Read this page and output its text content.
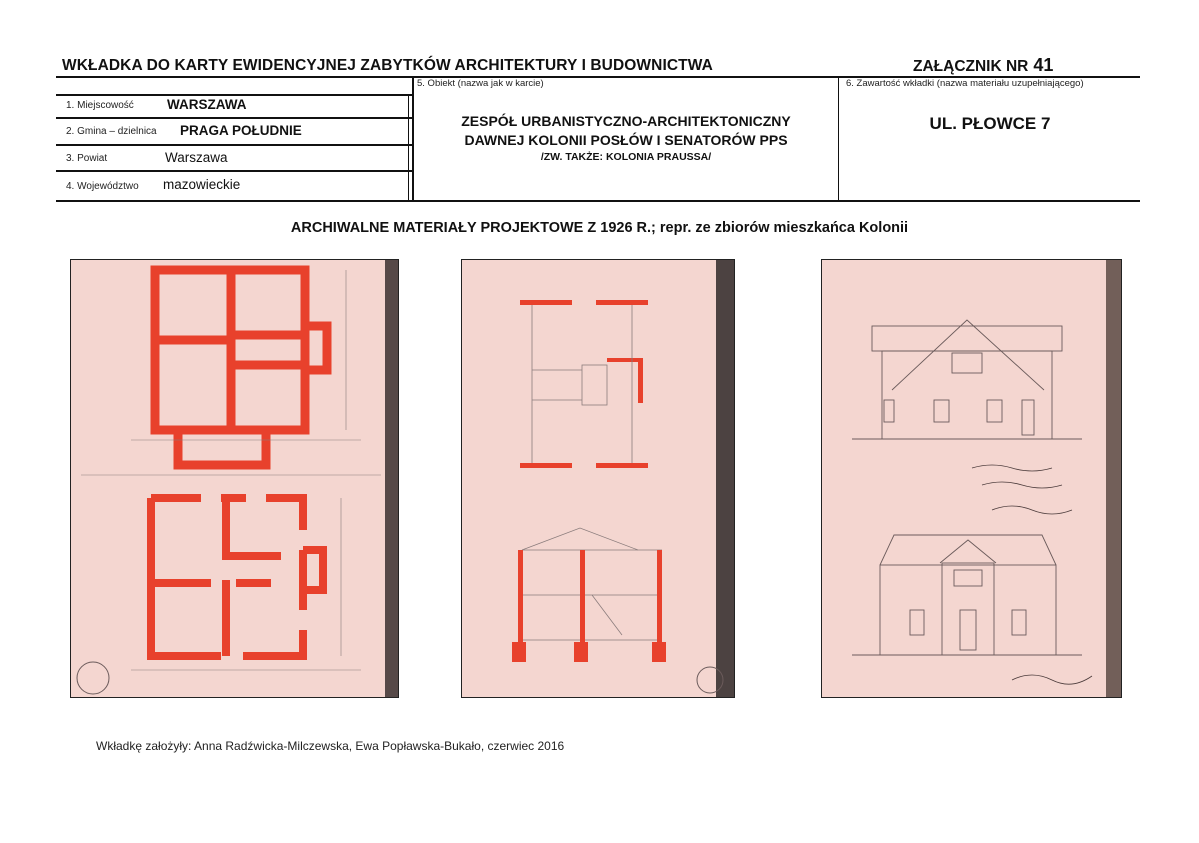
WKŁADKA DO KARTY EWIDENCYJNEJ ZABYTKÓW ARCHITEKTURY I BUDOWNICTWA	ZAŁĄCZNIK NR 41
1. Miejscowość WARSZAWA
2. Gmina – dzielnica PRAGA POŁUDNIE
3. Powiat	Warszawa
4. Województwo mazowieckie
5. Obiekt (nazwa jak w karcie)
ZESPÓŁ URBANISTYCZNO-ARCHITEKTONICZNY
DAWNEJ KOLONII POSŁÓW I SENATORÓW PPS
/ZW. TAKŻE: KOLONIA PRAUSSA/
6. Zawartość wkładki (nazwa materiału uzupełniającego)
UL. PŁOWCE 7
ARCHIWALNE MATERIAŁY PROJEKTOWE Z 1926 R.; repr. ze zbiorów mieszkańca Kolonii
Wkładkę założyły: Anna Radźwicka-Milczewska, Ewa Popławska-Bukało, czerwiec 2016
